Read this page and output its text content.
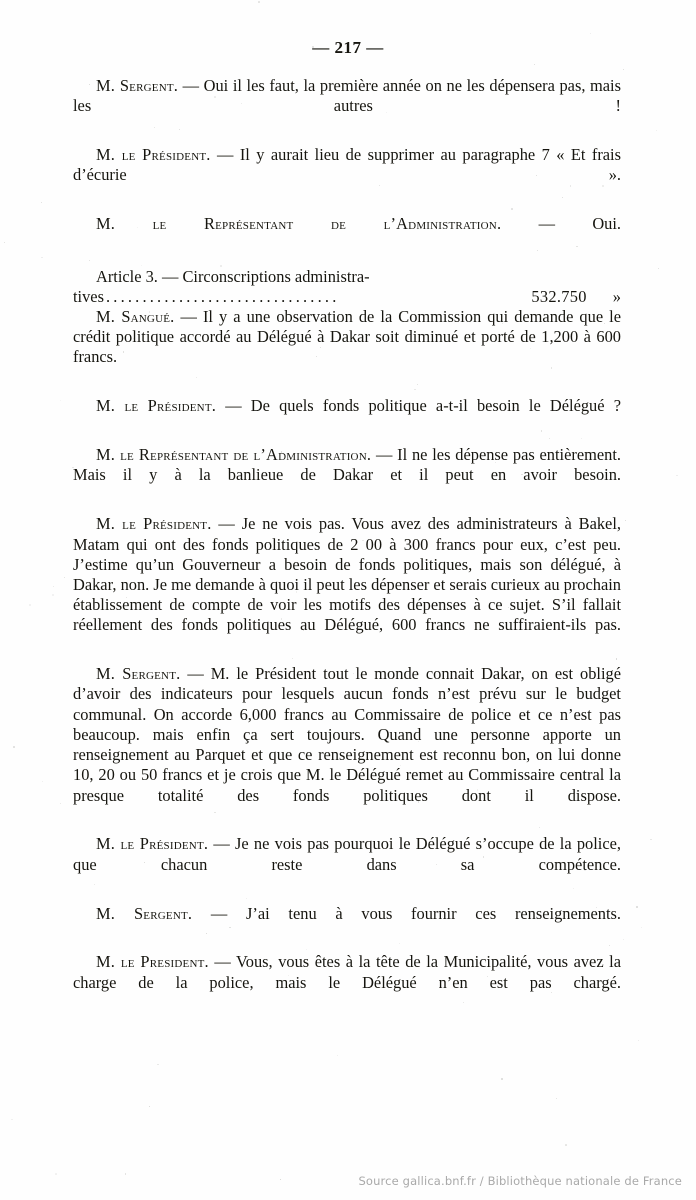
— 217 —

M. Sergent. — Oui il les faut, la première année on ne les dépensera pas, mais les autres !

M. le Président. — Il y aurait lieu de supprimer au paragraphe 7 « Et frais d’écurie ».

M. le Représentant de l’Administration. — Oui.

Article 3. — Circonscriptions administra-
tives ................................	532.750	»

M. Sangué. — Il y a une observation de la Commission qui demande que le crédit politique accordé au Délégué à Dakar soit diminué et porté de 1,200 à 600 francs.

M. le Président. — De quels fonds politique a-t-il besoin le Délégué ?

M. le Représentant de l’Administration. — Il ne les dépense pas entièrement. Mais il y à la banlieue de Dakar et il peut en avoir besoin.

M. le Président. — Je ne vois pas. Vous avez des administrateurs à Bakel, Matam qui ont des fonds politiques de 2 00 à 300 francs pour eux, c’est peu. J’estime qu’un Gouverneur a besoin de fonds politiques, mais son délégué, à Dakar, non. Je me demande à quoi il peut les dépenser et serais curieux au prochain établissement de compte de voir les motifs des dépenses à ce sujet. S’il fallait réellement des fonds politiques au Délégué, 600 francs ne suffiraient-ils pas.

M. Sergent. — M. le Président tout le monde connait Dakar, on est obligé d’avoir des indicateurs pour lesquels aucun fonds n’est prévu sur le budget communal. On accorde 6,000 francs au Commissaire de police et ce n’est pas beaucoup. mais enfin ça sert toujours. Quand une personne apporte un renseignement au Parquet et que ce renseignement est reconnu bon, on lui donne 10, 20 ou 50 francs et je crois que M. le Délégué remet au Commissaire central la presque totalité des fonds politiques dont il dispose.

M. le Président. — Je ne vois pas pourquoi le Délégué s’occupe de la police, que chacun reste dans sa compétence.

M. Sergent. — J’ai tenu à vous fournir ces renseignements.

M. le President. — Vous, vous êtes à la tête de la Municipalité, vous avez la charge de la police, mais le Délégué n’en est pas chargé.

Source gallica.bnf.fr / Bibliothèque nationale de France
